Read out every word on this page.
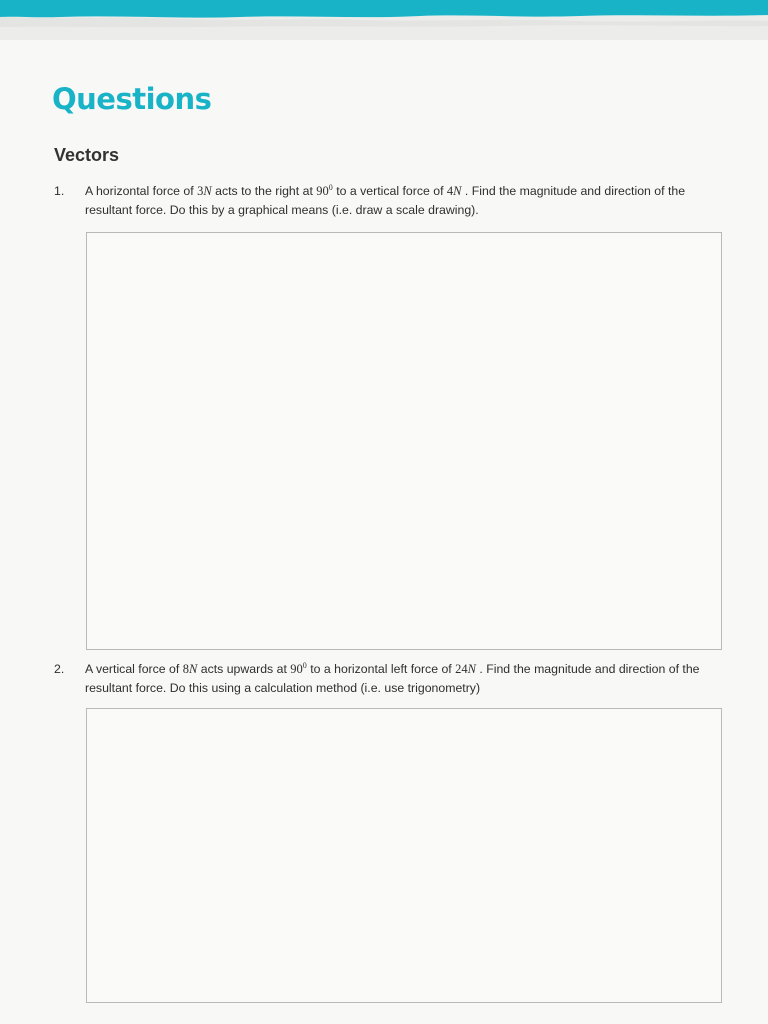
Questions
Vectors
1. A horizontal force of 3N acts to the right at $90^0$ to a vertical force of 4N . Find the magnitude and direction of the resultant force. Do this by a graphical means (i.e. draw a scale drawing).
2. A vertical force of 8N acts upwards at $90^0$ to a horizontal left force of 24N . Find the magnitude and direction of the resultant force. Do this using a calculation method (i.e. use trigonometry)
